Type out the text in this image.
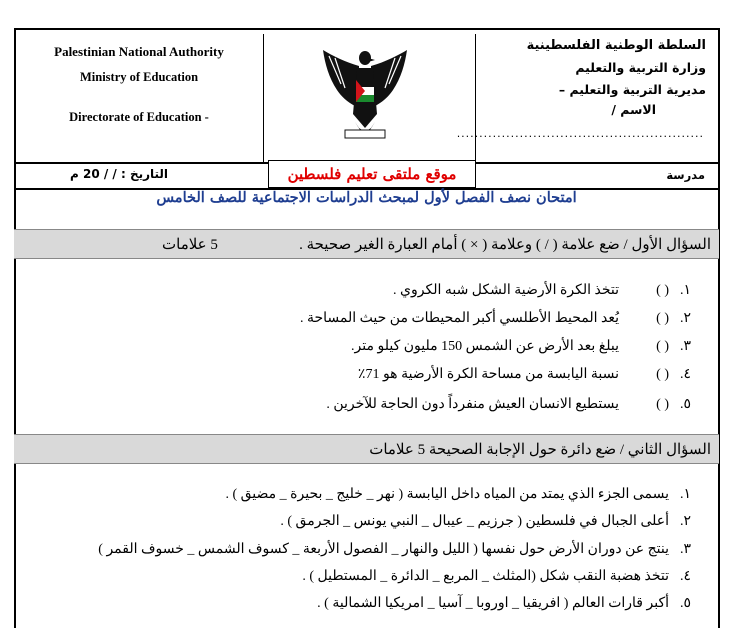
Palestinian National Authority
Ministry of Education
Directorate of Education -
السلطة الوطنية الفلسطينية
وزارة التربية والتعليم
مديرية التربية والتعليم –
الاسم /
.......................................................
التاريخ : / / 20 م	موقع ملتقى تعليم فلسطين	مدرسة
امتحان نصف الفصل لأول لمبحث الدراسات الاجتماعية للصف الخامس
السؤال الأول / ضع علامة ( / ) وعلامة ( × ) أمام العبارة الغير صحيحة .
5 علامات
١.( )تتخذ الكرة الأرضية الشكل شبه الكروي .
٢.( )يُعد المحيط الأطلسي أكبر المحيطات من حيث المساحة .
٣.( )يبلغ بعد الأرض عن الشمس 150 مليون كيلو متر.
٤.( )نسبة اليابسة من مساحة الكرة الأرضية هو 71٪
٥.( )يستطيع الانسان العيش منفرداً دون الحاجة للآخرين .
السؤال الثاني / ضع دائرة حول الإجابة الصحيحة 5 علامات
١.يسمى الجزء الذي يمتد من المياه داخل اليابسة ( نهر _ خليج _ بحيرة _ مضيق ) .
٢.أعلى الجبال في فلسطين ( جرزيم _ عيبال _ النبي يونس _ الجرمق ) .
٣.ينتج عن دوران الأرض حول نفسها ( الليل والنهار _ الفصول الأربعة _ كسوف الشمس _ خسوف القمر )
٤.تتخذ هضبة النقب شكل (المثلث _ المربع _ الدائرة _ المستطيل ) .
٥.أكبر قارات العالم ( افريقيا _ اوروبا _ آسيا _ امريكيا الشمالية ) .
